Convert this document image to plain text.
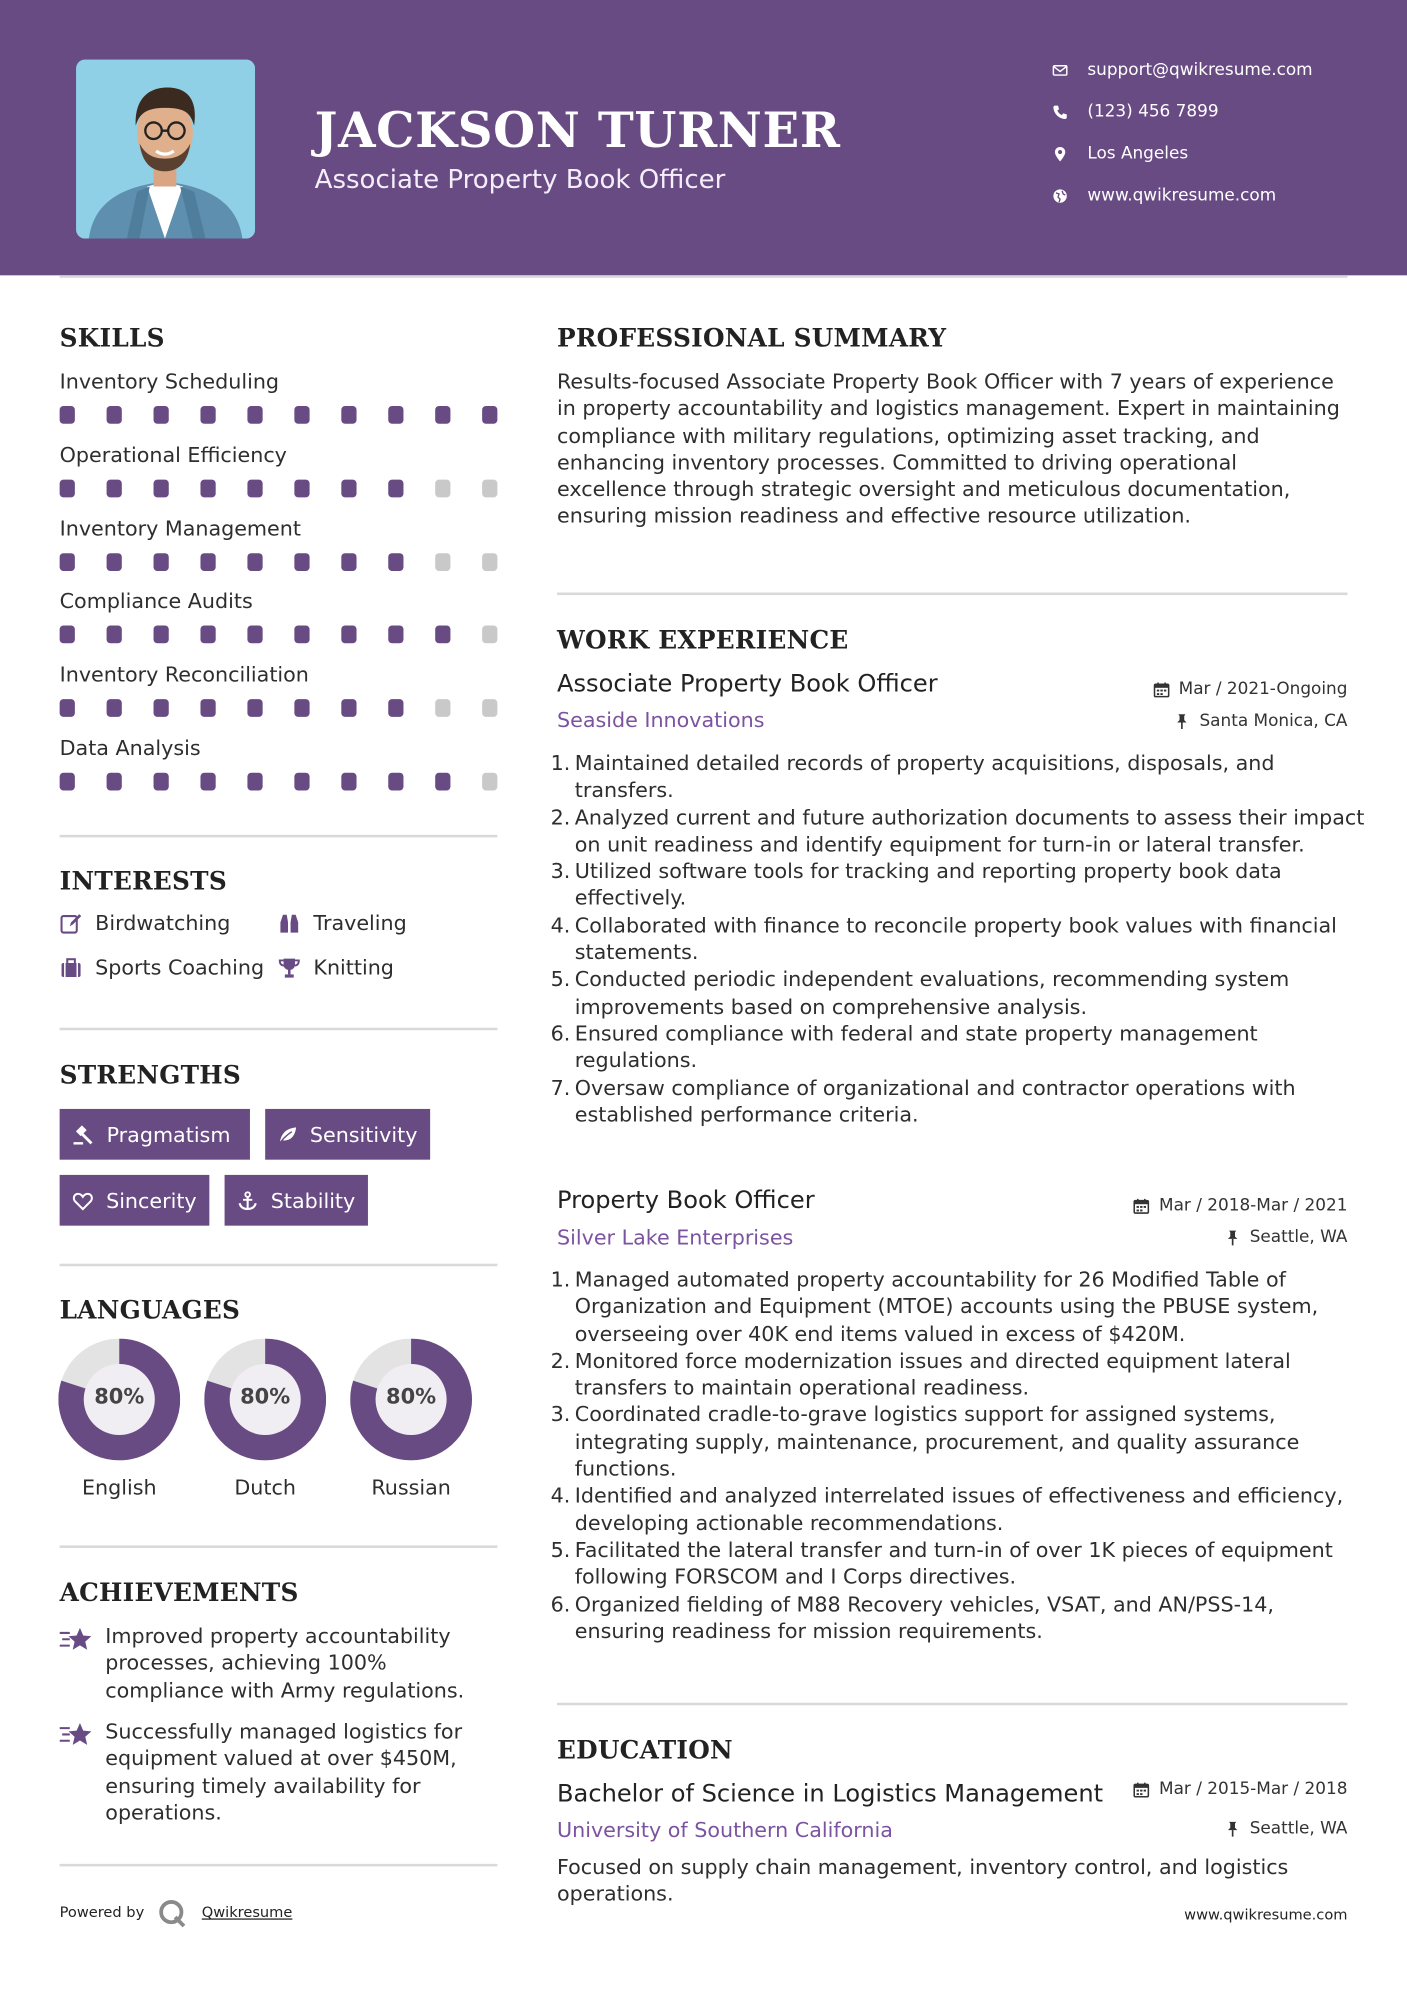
JACKSON TURNER
Associate Property Book Officer
support@qwikresume.com
(123) 456 7899
Los Angeles
www.qwikresume.com
SKILLS
Inventory Scheduling
Operational Efficiency
Inventory Management
Compliance Audits
Inventory Reconciliation
Data Analysis
INTERESTS
Birdwatching	Traveling
Sports Coaching	Knitting
STRENGTHS
Pragmatism	Sensitivity
Sincerity	Stability
LANGUAGES
80%
English
80%
Dutch
80%
Russian
ACHIEVEMENTS
Improved property accountability processes, achieving 100% compliance with Army regulations.
Successfully managed logistics for equipment valued at over $450M, ensuring timely availability for operations.
PROFESSIONAL SUMMARY
Results-focused Associate Property Book Officer with 7 years of experience in property accountability and logistics management. Expert in maintaining compliance with military regulations, optimizing asset tracking, and enhancing inventory processes. Committed to driving operational excellence through strategic oversight and meticulous documentation, ensuring mission readiness and effective resource utilization.
WORK EXPERIENCE
Associate Property Book Officer	Mar / 2021-Ongoing
Seaside Innovations	Santa Monica, CA
1. Maintained detailed records of property acquisitions, disposals, and transfers.
2. Analyzed current and future authorization documents to assess their impact on unit readiness and identify equipment for turn-in or lateral transfer.
3. Utilized software tools for tracking and reporting property book data effectively.
4. Collaborated with finance to reconcile property book values with financial statements.
5. Conducted periodic independent evaluations, recommending system improvements based on comprehensive analysis.
6. Ensured compliance with federal and state property management regulations.
7. Oversaw compliance of organizational and contractor operations with established performance criteria.
Property Book Officer	Mar / 2018-Mar / 2021
Silver Lake Enterprises	Seattle, WA
1. Managed automated property accountability for 26 Modified Table of Organization and Equipment (MTOE) accounts using the PBUSE system, overseeing over 40K end items valued in excess of $420M.
2. Monitored force modernization issues and directed equipment lateral transfers to maintain operational readiness.
3. Coordinated cradle-to-grave logistics support for assigned systems, integrating supply, maintenance, procurement, and quality assurance functions.
4. Identified and analyzed interrelated issues of effectiveness and efficiency, developing actionable recommendations.
5. Facilitated the lateral transfer and turn-in of over 1K pieces of equipment following FORSCOM and I Corps directives.
6. Organized fielding of M88 Recovery vehicles, VSAT, and AN/PSS-14, ensuring readiness for mission requirements.
EDUCATION
Bachelor of Science in Logistics Management	Mar / 2015-Mar / 2018
University of Southern California	Seattle, WA
Focused on supply chain management, inventory control, and logistics operations.
Powered by	Qwikresume	www.qwikresume.com
